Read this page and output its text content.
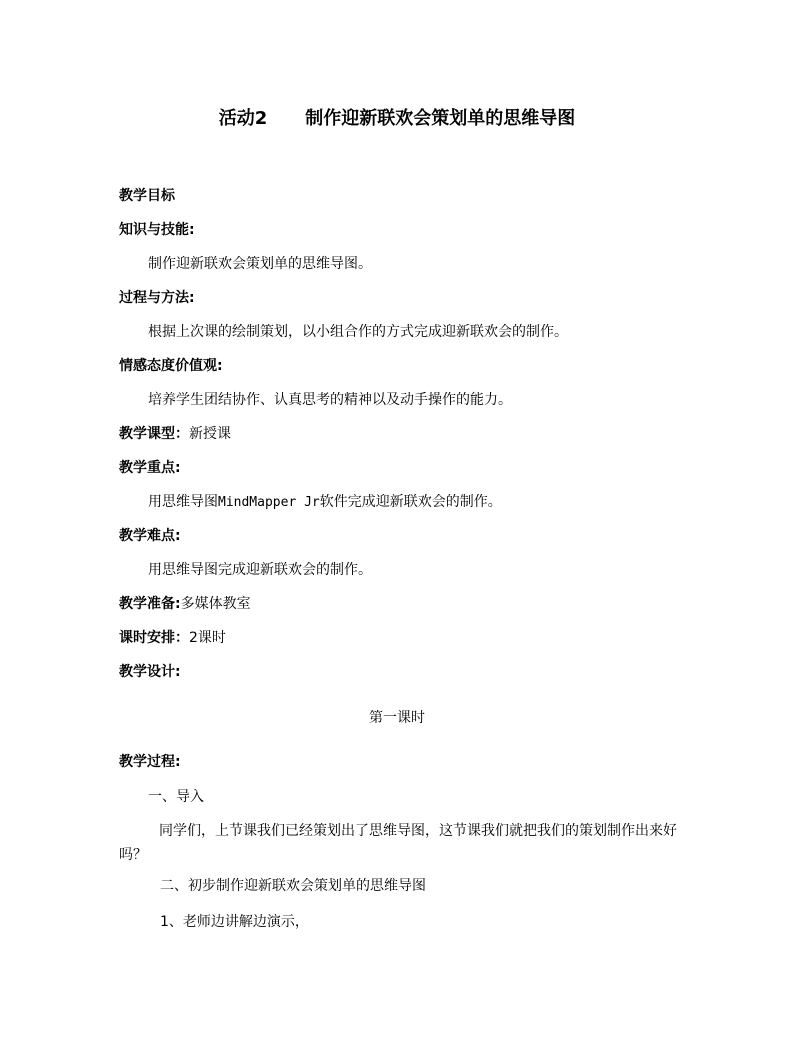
活动2 制作迎新联欢会策划单的思维导图
教学目标
知识与技能:
制作迎新联欢会策划单的思维导图。
过程与方法:
根据上次课的绘制策划，以小组合作的方式完成迎新联欢会的制作。
情感态度价值观:
培养学生团结协作、认真思考的精神以及动手操作的能力。
教学课型：新授课
教学重点:
用思维导图MindMapper Jr软件完成迎新联欢会的制作。
教学难点:
用思维导图完成迎新联欢会的制作。
教学准备:多媒体教室
课时安排：2课时
教学设计:
第一课时
教学过程:
一、导入
同学们，上节课我们已经策划出了思维导图，这节课我们就把我们的策划制作出来好吗？
二、初步制作迎新联欢会策划单的思维导图
1、老师边讲解边演示，
